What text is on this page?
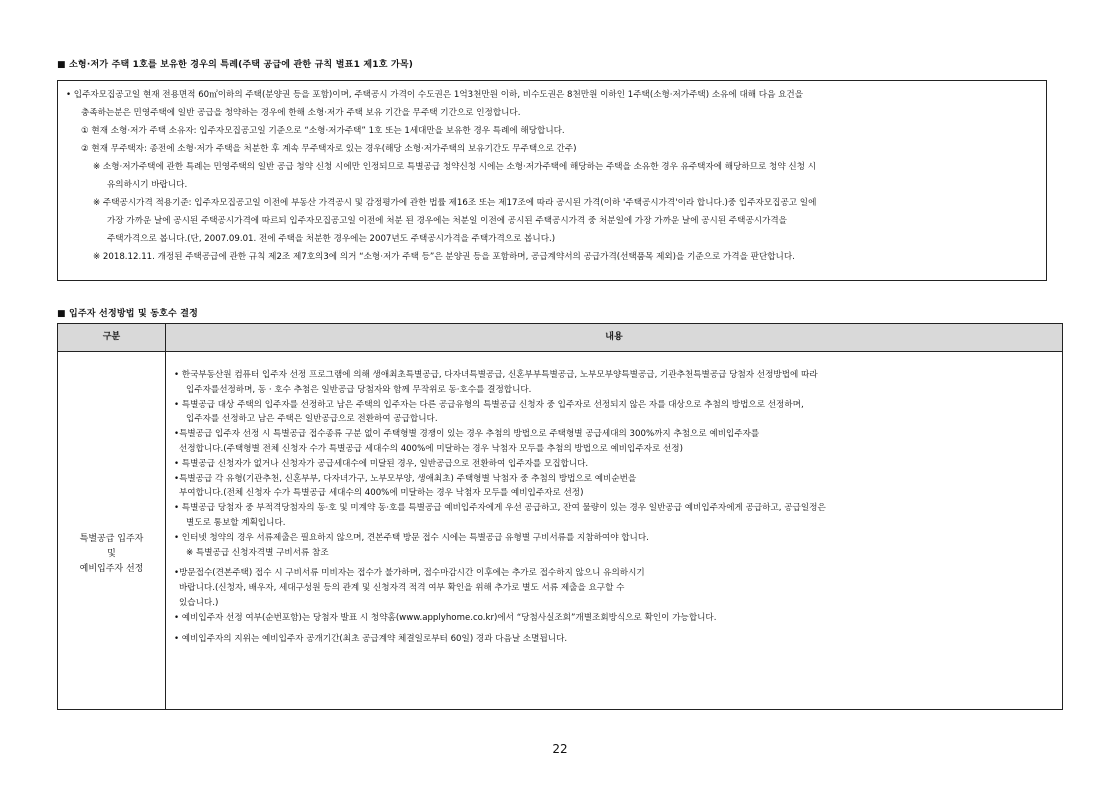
■ 소형·저가 주택 1호를 보유한 경우의 특례(주택 공급에 관한 규칙 별표1 제1호 가목)
• 입주자모집공고일 현재 전용면적 60㎡이하의 주택(분양권 등을 포함)이며, 주택공시 가격이 수도권은 1억3천만원 이하, 비수도권은 8천만원 이하인 1주택(소형·저가주택) 소유에 대해 다음 요건을
충족하는분은 민영주택에 일반 공급을 청약하는 경우에 한해 소형·저가 주택 보유 기간을 무주택 기간으로 인정합니다.
① 현재 소형·저가 주택 소유자: 입주자모집공고일 기준으로 “소형·저가주택” 1호 또는 1세대만을 보유한 경우 특례에 해당합니다.
② 현재 무주택자: 종전에 소형·저가 주택을 처분한 후 계속 무주택자로 있는 경우(해당 소형·저가주택의 보유기간도 무주택으로 간주)
※ 소형·저가주택에 관한 특례는 민영주택의 일반 공급 청약 신청 시에만 인정되므로 특별공급 청약신청 시에는 소형·저가주택에 해당하는 주택을 소유한 경우 유주택자에 해당하므로 청약 신청 시
유의하시기 바랍니다.
※ 주택공시가격 적용기준: 입주자모집공고일 이전에 부동산 가격공시 및 감정평가에 관한 법률 제16조 또는 제17조에 따라 공시된 가격(이하 '주택공시가격'이라 합니다.)중 입주자모집공고 일에
가장 가까운 날에 공시된 주택공시가격에 따르되 입주자모집공고일 이전에 처분 된 경우에는 처분일 이전에 공시된 주택공시가격 중 처분일에 가장 가까운 날에 공시된 주택공시가격을
주택가격으로 봅니다.(단, 2007.09.01. 전에 주택을 처분한 경우에는 2007년도 주택공시가격을 주택가격으로 봅니다.)
※ 2018.12.11. 개정된 주택공급에 관한 규칙 제2조 제7호의3에 의거 “소형·저가 주택 등”은 분양권 등을 포함하며, 공급계약서의 공급가격(선택품목 제외)을 기준으로 가격을 판단합니다.
■ 입주자 선정방법 및 동호수 결정
구분	내용
특별공급 입주자
및
예비입주자 선정
• 한국부동산원 컴퓨터 입주자 선정 프로그램에 의해 생애최초특별공급, 다자녀특별공급, 신혼부부특별공급, 노부모부양특별공급, 기관추천특별공급 당첨자 선정방법에 따라
입주자를선정하며, 동 · 호수 추첨은 일반공급 당첨자와 함께 무작위로 동·호수를 결정합니다.
• 특별공급 대상 주택의 입주자를 선정하고 남은 주택의 입주자는 다른 공급유형의 특별공급 신청자 중 입주자로 선정되지 않은 자를 대상으로 추첨의 방법으로 선정하며,
입주자를 선정하고 남은 주택은 일반공급으로 전환하여 공급합니다.
•특별공급 입주자 선정 시 특별공급 접수종류 구분 없이 주택형별 경쟁이 있는 경우 추첨의 방법으로 주택형별 공급세대의 300%까지 추첨으로 예비입주자를
선정합니다.(주택형별 전체 신청자 수가 특별공급 세대수의 400%에 미달하는 경우 낙첨자 모두를 추첨의 방법으로 예비입주자로 선정)
• 특별공급 신청자가 없거나 신청자가 공급세대수에 미달된 경우, 일반공급으로 전환하여 입주자를 모집합니다.
•특별공급 각 유형(기관추천, 신혼부부, 다자녀가구, 노부모부양, 생애최초) 주택형별 낙첨자 중 추첨의 방법으로 예비순번을
부여합니다.(전체 신청자 수가 특별공급 세대수의 400%에 미달하는 경우 낙첨자 모두를 예비입주자로 선정)
• 특별공급 당첨자 중 부적격당첨자의 동·호 및 미계약 동·호를 특별공급 예비입주자에게 우선 공급하고, 잔여 물량이 있는 경우 일반공급 예비입주자에게 공급하고, 공급일정은
별도로 통보할 계획입니다.
• 인터넷 청약의 경우 서류제출은 필요하지 않으며, 견본주택 방문 접수 시에는 특별공급 유형별 구비서류를 지참하여야 합니다.
※ 특별공급 신청자격별 구비서류 참조
•방문접수(견본주택) 접수 시 구비서류 미비자는 접수가 불가하며, 접수마감시간 이후에는 추가로 접수하지 않으니 유의하시기
바랍니다.(신청자, 배우자, 세대구성원 등의 관계 및 신청자격 적격 여부 확인을 위해 추가로 별도 서류 제출을 요구할 수
있습니다.)
• 예비입주자 선정 여부(순번포함)는 당첨자 발표 시 청약홈(www.applyhome.co.kr)에서 “당첨사실조회”개별조회방식으로 확인이 가능합니다.
• 예비입주자의 지위는 예비입주자 공개기간(최초 공급계약 체결일로부터 60일) 경과 다음날 소멸됩니다.
22
